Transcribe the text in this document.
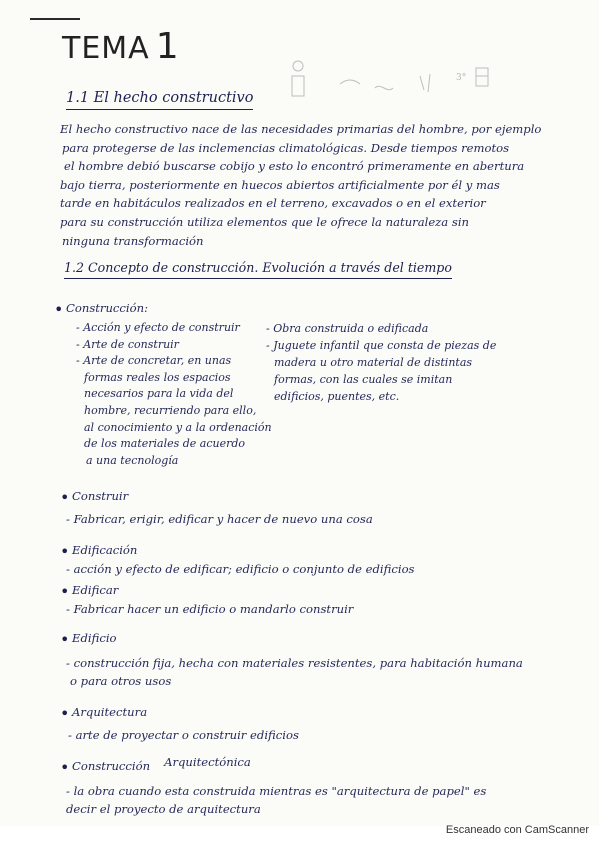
TEMA 1
3°
1.1 El hecho constructivo
El hecho constructivo nace de las necesidades primarias del hombre, por ejemplo
para protegerse de las inclemencias climatológicas. Desde tiempos remotos
el hombre debió buscarse cobijo y esto lo encontró primeramente en abertura
bajo tierra, posteriormente en huecos abiertos artificialmente por él y mas
tarde en habitáculos realizados en el terreno, excavados o en el exterior
para su construcción utiliza elementos que le ofrece la naturaleza sin
ninguna transformación
1.2 Concepto de construcción. Evolución a través del tiempo
• Construcción:
- Acción y efecto de construir
- Arte de construir
- Arte de concretar, en unas
formas reales los espacios
necesarios para la vida del
hombre, recurriendo para ello,
al conocimiento y a la ordenación
de los materiales de acuerdo
a una tecnología
- Obra construida o edificada
- Juguete infantil que consta de piezas de
madera u otro material de distintas
formas, con las cuales se imitan
edificios, puentes, etc.
• Construir
- Fabricar, erigir, edificar y hacer de nuevo una cosa
• Edificación
- acción y efecto de edificar; edificio o conjunto de edificios
• Edificar
- Fabricar hacer un edificio o mandarlo construir
• Edificio
- construcción fija, hecha con materiales resistentes, para habitación humana
o para otros usos
• Arquitectura
- arte de proyectar o construir edificios
• Construcción Arquitectónica
- la obra cuando esta construida mientras es "arquitectura de papel" es
decir el proyecto de arquitectura
Escaneado con CamScanner
